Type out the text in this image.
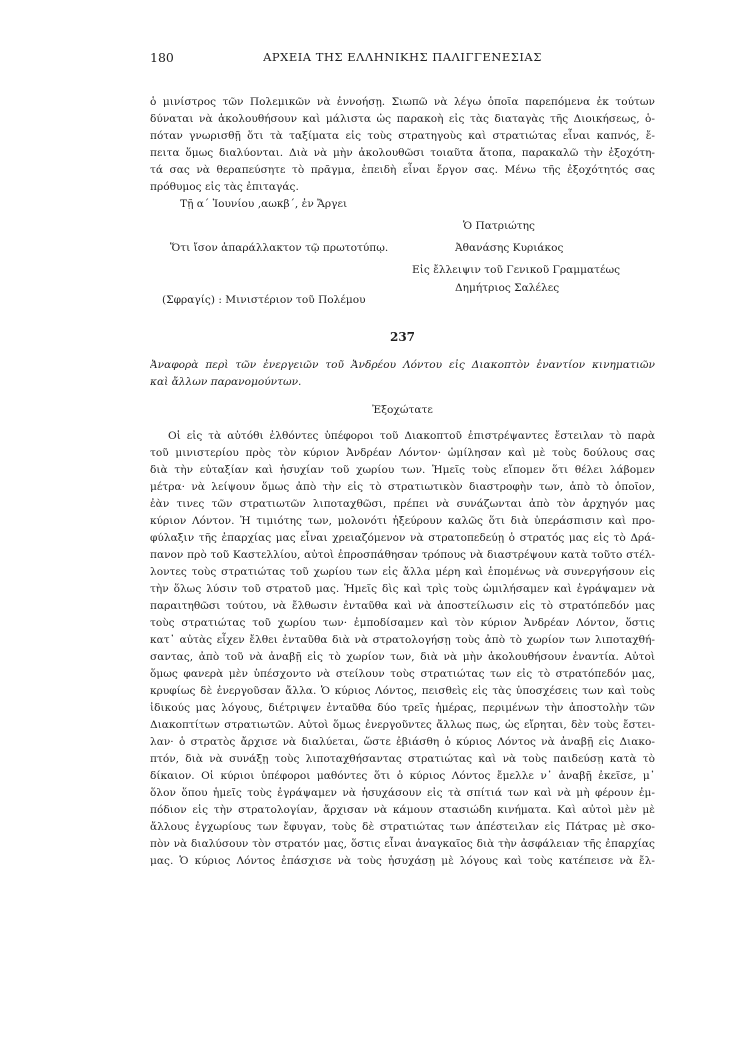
180	ΑΡΧΕΙΑ ΤΗΣ ΕΛΛΗΝΙΚΗΣ ΠΑΛΙΓΓΕΝΕΣΙΑΣ
ὁ μινίστρος τῶν Πολεμικῶν νὰ ἐννοήσῃ. Σιωπῶ νὰ λέγω ὁποῖα παρεπόμενα ἐκ τούτων
δύναται νὰ ἀκολουθήσουν καὶ μάλιστα ὡς παρακοὴ εἰς τὰς διαταγὰς τῆς Διοικήσεως, ὁ-
πόταν γνωρισθῇ ὅτι τὰ ταξίματα εἰς τοὺς στρατηγοὺς καὶ στρατιώτας εἶναι καπνός, ἔ-
πειτα ὅμως διαλύονται. Διὰ νὰ μὴν ἀκολουθῶσι τοιαῦτα ἄτοπα, παρακαλῶ τὴν ἐξοχότη-
τά σας νὰ θεραπεύσητε τὸ πρᾶγμα, ἐπειδὴ εἶναι ἔργον σας. Μένω τῆς ἐξοχότητός σας
πρόθυμος εἰς τὰς ἐπιταγάς.
Τῇ α΄ Ἰουνίου ,αωκβ΄, ἐν Ἄργει
Ὁ Πατριώτης
Ὅτι ἴσον ἀπαράλλακτον τῷ πρωτοτύπῳ.	Ἀθανάσης Κυριάκος
Εἰς ἔλλειψιν τοῦ Γενικοῦ Γραμματέως
Δημήτριος Σαλέλες
(Σφραγίς) : Μινιστέριον τοῦ Πολέμου
237
Ἀναφορὰ περὶ τῶν ἐνεργειῶν τοῦ Ἀνδρέου Λόντου εἰς Διακοπτὸν ἐναντίον κινηματιῶν
καὶ ἄλλων παρανομούντων.
Ἐξοχώτατε
Οἱ εἰς τὰ αὐτόθι ἐλθόντες ὑπέφοροι τοῦ Διακοπτοῦ ἐπιστρέψαντες ἔστειλαν τὸ παρὰ
τοῦ μινιστερίου πρὸς τὸν κύριον Ἀνδρέαν Λόντον· ὡμίλησαν καὶ μὲ τοὺς δούλους σας
διὰ τὴν εὐταξίαν καὶ ἡσυχίαν τοῦ χωρίου των. Ἡμεῖς τοὺς εἴπομεν ὅτι θέλει λάβομεν
μέτρα· νὰ λείψουν ὅμως ἀπὸ τὴν εἰς τὸ στρατιωτικὸν διαστροφὴν των, ἀπὸ τὸ ὁποῖον,
ἐὰν τινες τῶν στρατιωτῶν λιποταχθῶσι, πρέπει νὰ συνάζωνται ἀπὸ τὸν ἀρχηγόν μας
κύριον Λόντον. Ἡ τιμιότης των, μολονότι ἠξεύρουν καλῶς ὅτι διὰ ὑπεράσπισιν καὶ προ-
φύλαξιν τῆς ἐπαρχίας μας εἶναι χρειαζόμενον νὰ στρατοπεδεύῃ ὁ στρατός μας εἰς τὸ Δρά-
πανον πρὸ τοῦ Καστελλίου, αὐτοὶ ἐπροσπάθησαν τρόπους νὰ διαστρέψουν κατὰ τοῦτο στέλ-
λοντες τοὺς στρατιώτας τοῦ χωρίου των εἰς ἄλλα μέρη καὶ ἑπομένως νὰ συνεργήσουν εἰς
τὴν ὅλως λύσιν τοῦ στρατοῦ μας. Ἡμεῖς δὶς καὶ τρὶς τοὺς ὡμιλήσαμεν καὶ ἐγράψαμεν νὰ
παραιτηθῶσι τούτου, νὰ ἔλθωσιν ἐνταῦθα καὶ νὰ ἀποστείλωσιν εἰς τὸ στρατόπεδόν μας
τοὺς στρατιώτας τοῦ χωρίου των· ἐμποδίσαμεν καὶ τὸν κύριον Ἀνδρέαν Λόντον, ὅστις
κατ᾽ αὐτὰς εἶχεν ἔλθει ἐνταῦθα διὰ νὰ στρατολογήσῃ τοὺς ἀπὸ τὸ χωρίον των λιποταχθή-
σαντας, ἀπὸ τοῦ νὰ ἀναβῇ εἰς τὸ χωρίον των, διὰ νὰ μὴν ἀκολουθήσουν ἐναντία. Αὐτοὶ
ὅμως φανερὰ μὲν ὑπέσχοντο νὰ στείλουν τοὺς στρατιώτας των εἰς τὸ στρατόπεδόν μας,
κρυφίως δὲ ἐνεργοῦσαν ἄλλα. Ὁ κύριος Λόντος, πεισθεὶς εἰς τὰς ὑποσχέσεις των καὶ τοὺς
ἰδικούς μας λόγους, διέτριψεν ἐνταῦθα δύο τρεῖς ἡμέρας, περιμένων τὴν ἀποστολὴν τῶν
Διακοπτίτων στρατιωτῶν. Αὐτοὶ ὅμως ἐνεργοῦντες ἄλλως πως, ὡς εἴρηται, δὲν τοὺς ἔστει-
λαν· ὁ στρατὸς ἄρχισε νὰ διαλύεται, ὥστε ἐβιάσθη ὁ κύριος Λόντος νὰ ἀναβῇ εἰς Διακο-
πτόν, διὰ νὰ συνάξῃ τοὺς λιποταχθήσαντας στρατιώτας καὶ νὰ τοὺς παιδεύσῃ κατὰ τὸ
δίκαιον. Οἱ κύριοι ὑπέφοροι μαθόντες ὅτι ὁ κύριος Λόντος ἔμελλε ν᾽ ἀναβῇ ἐκεῖσε, μ᾽
ὅλον ὅπου ἡμεῖς τοὺς ἐγράψαμεν νὰ ἡσυχάσουν εἰς τὰ σπίτιά των καὶ νὰ μὴ φέρουν ἐμ-
πόδιον εἰς τὴν στρατολογίαν, ἄρχισαν νὰ κάμουν στασιώδη κινήματα. Καὶ αὐτοὶ μὲν μὲ
ἄλλους ἐγχωρίους των ἔφυγαν, τοὺς δὲ στρατιώτας των ἀπέστειλαν εἰς Πάτρας μὲ σκο-
πὸν νὰ διαλύσουν τὸν στρατόν μας, ὅστις εἶναι ἀναγκαῖος διὰ τὴν ἀσφάλειαν τῆς ἐπαρχίας
μας. Ὁ κύριος Λόντος ἐπάσχισε νὰ τοὺς ἡσυχάσῃ μὲ λόγους καὶ τοὺς κατέπεισε νὰ ἔλ-
